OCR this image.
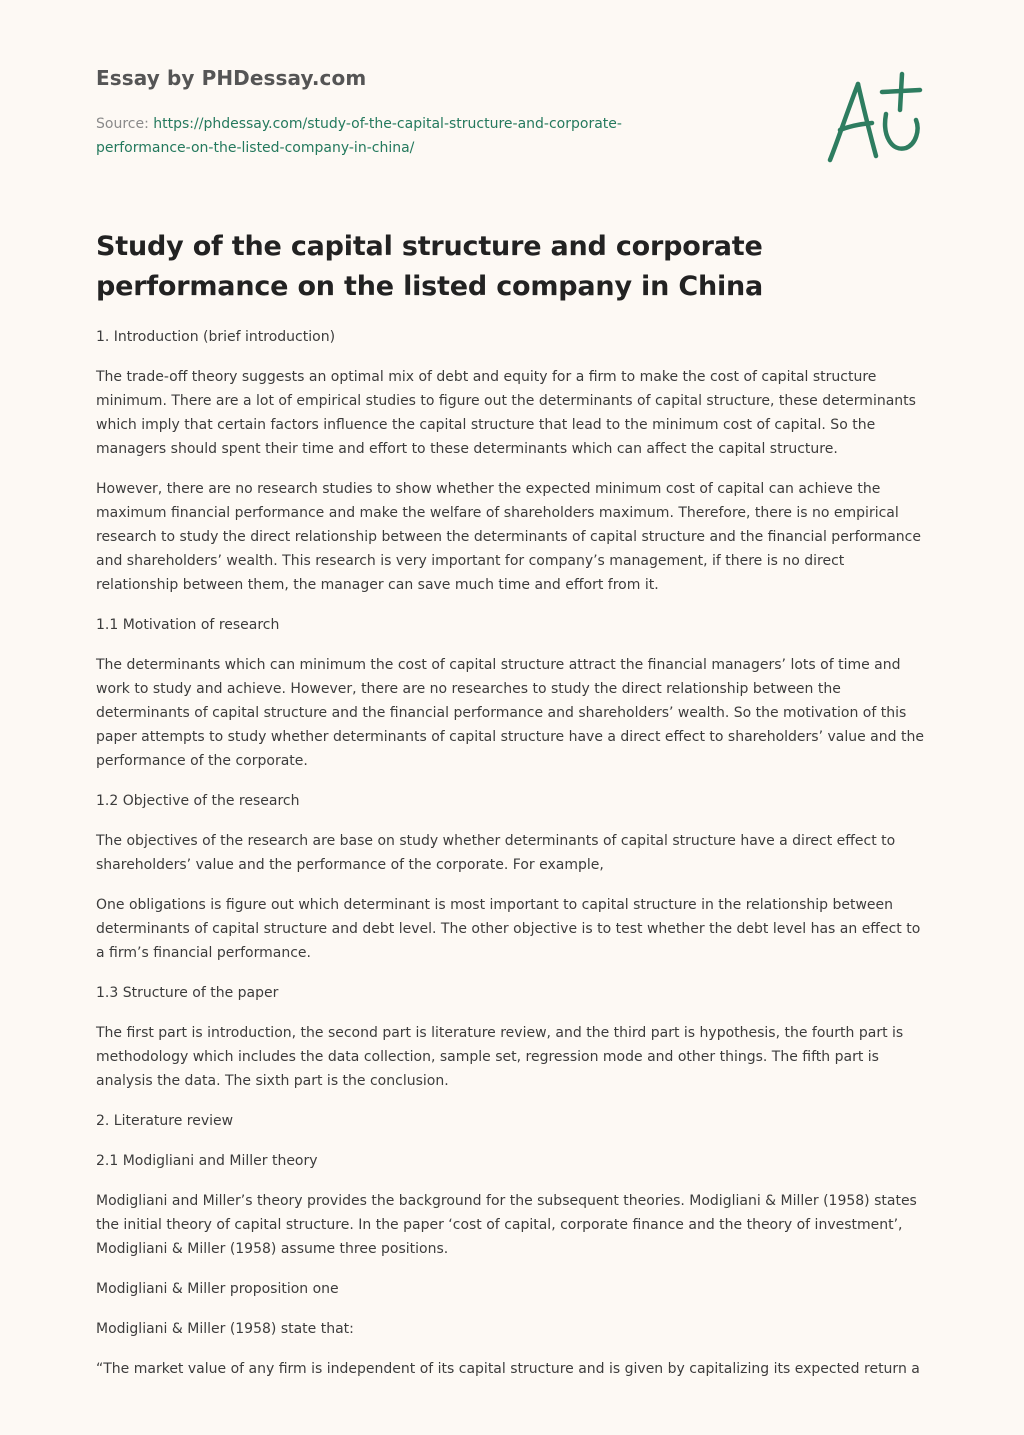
Essay by PHDessay.com
Source: https://phdessay.com/study-of-the-capital-structure-and-corporate-
performance-on-the-listed-company-in-china/
Study of the capital structure and corporate performance on the listed company in China

1. Introduction (brief introduction)

The trade-off theory suggests an optimal mix of debt and equity for a firm to make the cost of capital structure minimum. There are a lot of empirical studies to figure out the determinants of capital structure, these determinants which imply that certain factors influence the capital structure that lead to the minimum cost of capital. So the managers should spent their time and effort to these determinants which can affect the capital structure.

However, there are no research studies to show whether the expected minimum cost of capital can achieve the maximum financial performance and make the welfare of shareholders maximum. Therefore, there is no empirical research to study the direct relationship between the determinants of capital structure and the financial performance and shareholders’ wealth. This research is very important for company’s management, if there is no direct relationship between them, the manager can save much time and effort from it.

1.1 Motivation of research

The determinants which can minimum the cost of capital structure attract the financial managers’ lots of time and work to study and achieve. However, there are no researches to study the direct relationship between the determinants of capital structure and the financial performance and shareholders’ wealth. So the motivation of this paper attempts to study whether determinants of capital structure have a direct effect to shareholders’ value and the performance of the corporate.

1.2 Objective of the research

The objectives of the research are base on study whether determinants of capital structure have a direct effect to shareholders’ value and the performance of the corporate. For example,

One obligations is figure out which determinant is most important to capital structure in the relationship between determinants of capital structure and debt level. The other objective is to test whether the debt level has an effect to a firm’s financial performance.

1.3 Structure of the paper

The first part is introduction, the second part is literature review, and the third part is hypothesis, the fourth part is methodology which includes the data collection, sample set, regression mode and other things. The fifth part is analysis the data. The sixth part is the conclusion.

2. Literature review

2.1 Modigliani and Miller theory

Modigliani and Miller’s theory provides the background for the subsequent theories. Modigliani & Miller (1958) states the initial theory of capital structure. In the paper ‘cost of capital, corporate finance and the theory of investment’, Modigliani & Miller (1958) assume three positions.

Modigliani & Miller proposition one

Modigliani & Miller (1958) state that:

“The market value of any firm is independent of its capital structure and is given by capitalizing its expected return a
